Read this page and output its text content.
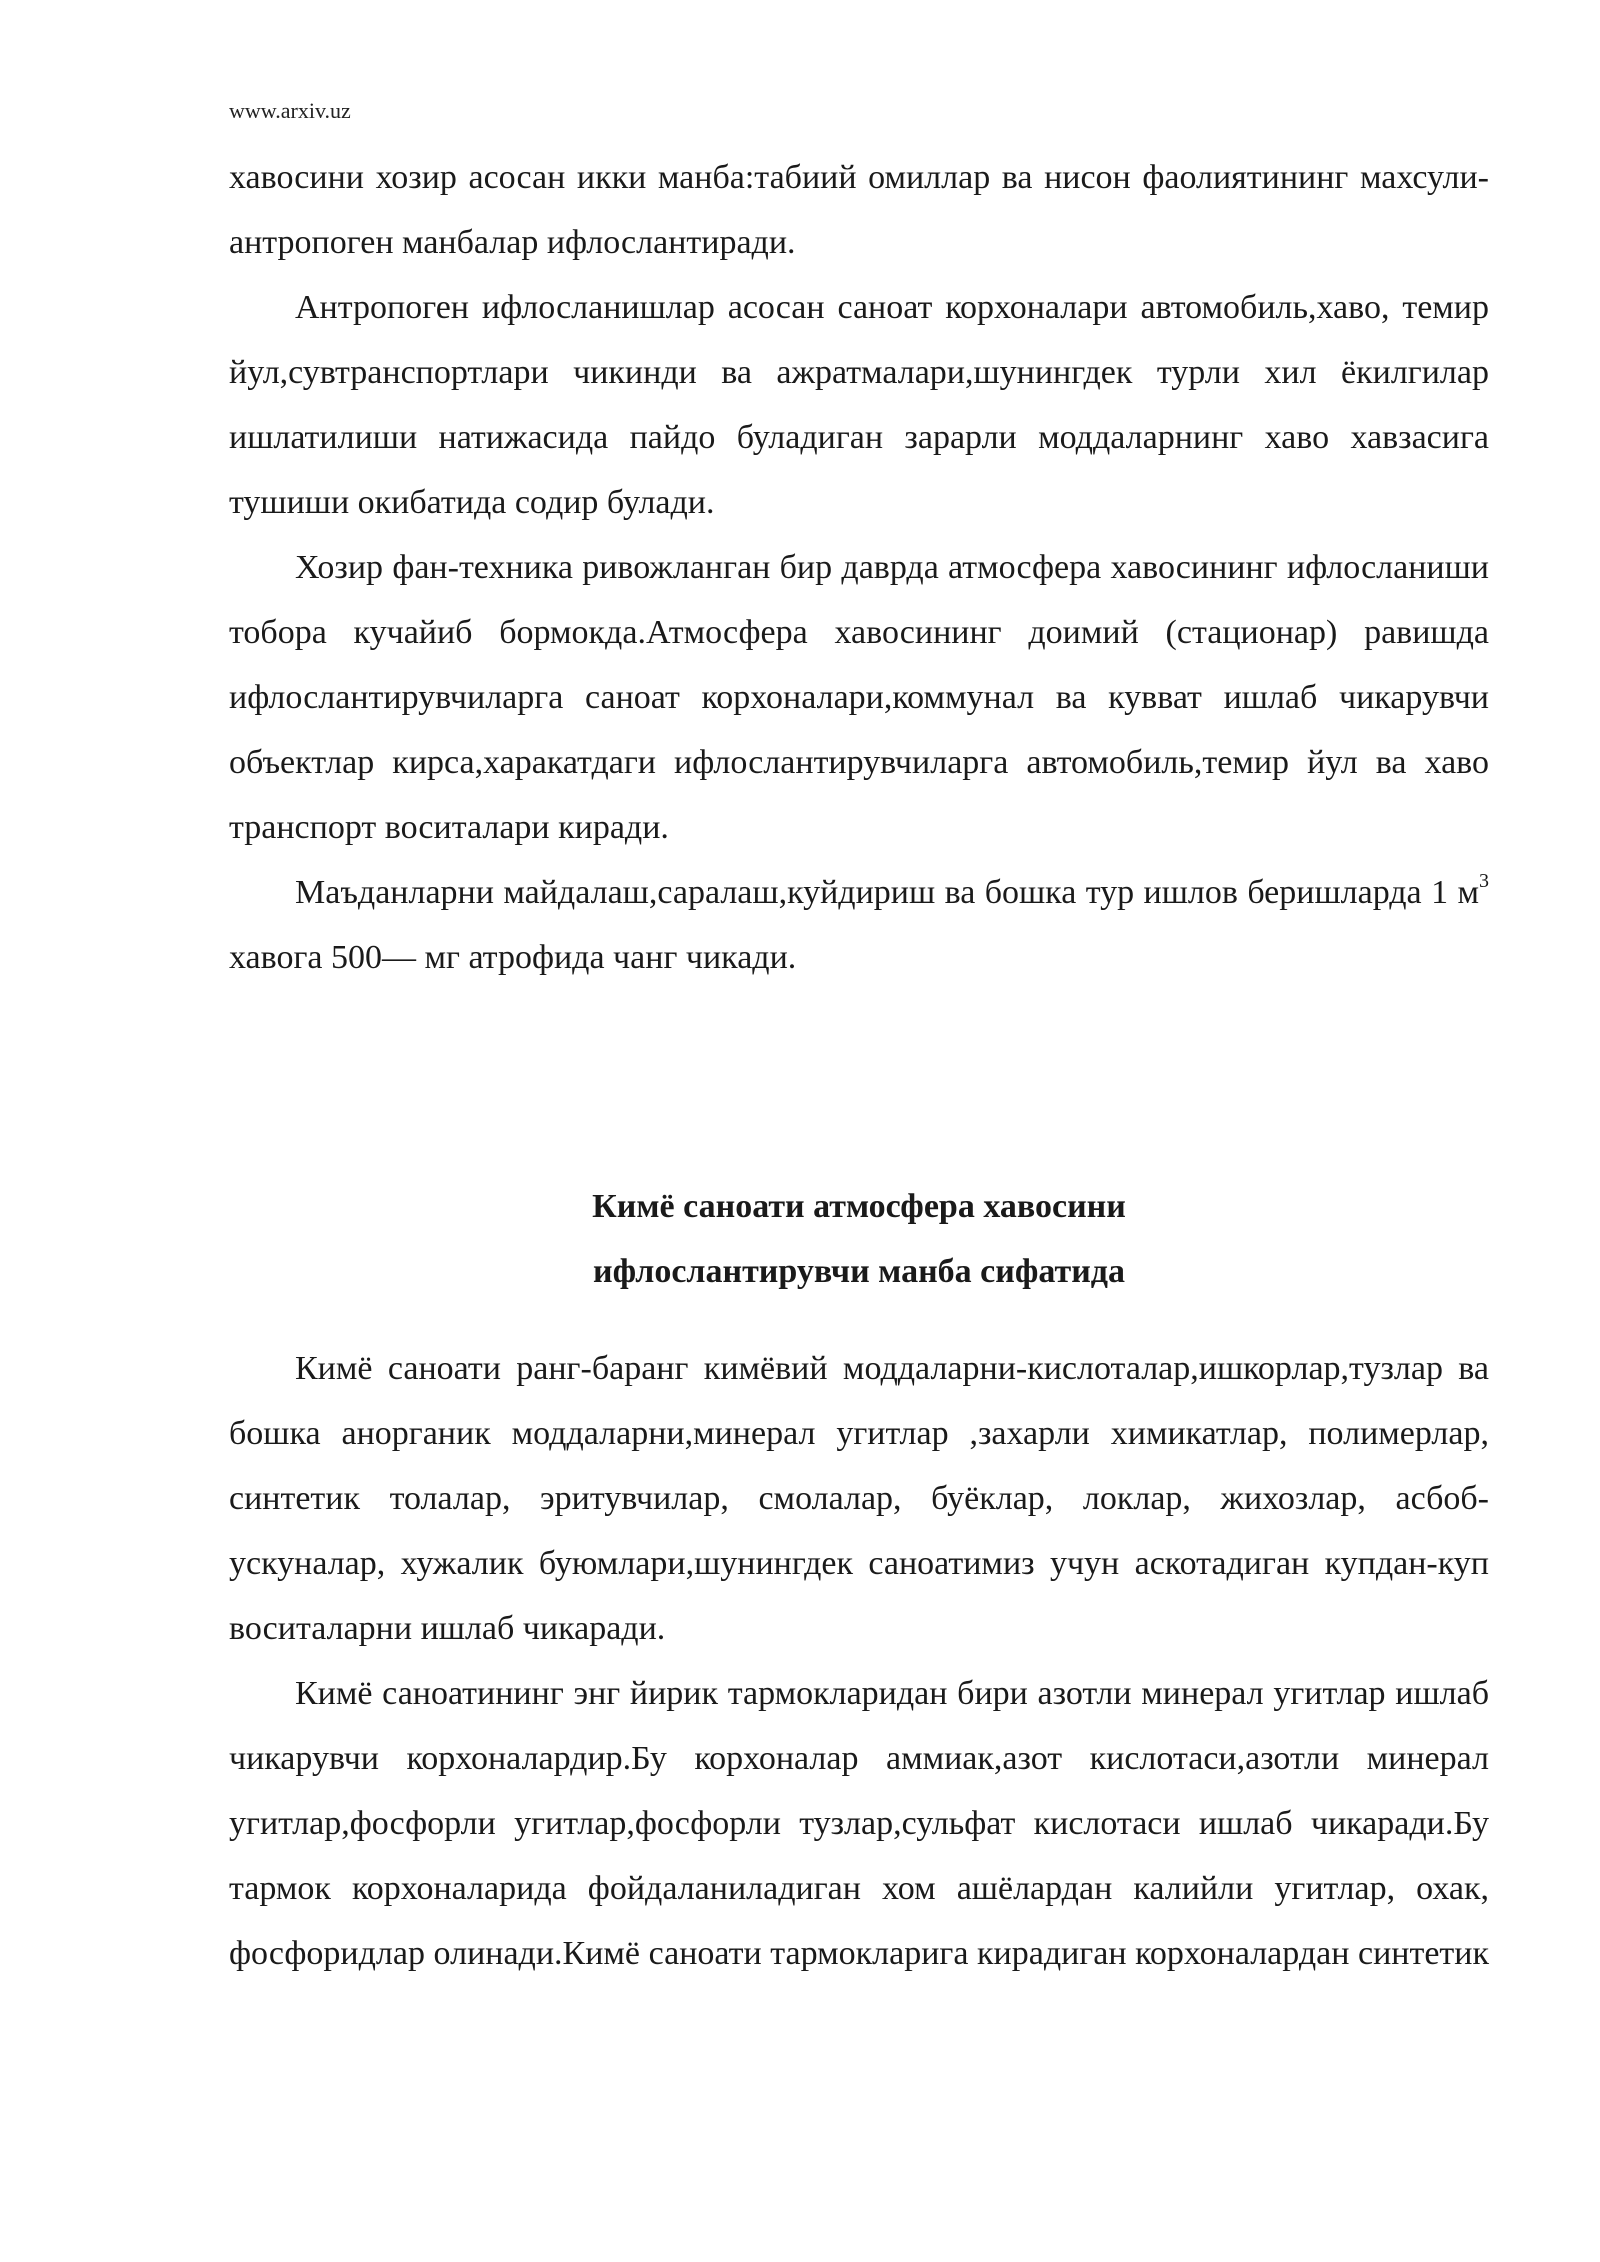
www.arxiv.uz

хавосини хозир асосан икки манба:табиий омиллар ва нисон фаолиятининг махсули-антропоген манбалар ифлослантиради.

Антропоген ифлосланишлар асосан саноат корхоналари автомобиль,хаво, темир йул,сувтранспортлари чикинди ва ажратмалари,шунингдек турли хил ёкилгилар ишлатилиши натижасида пайдо буладиган зарарли моддаларнинг хаво хавзасига тушиши окибатида содир булади.

Хозир фан-техника ривожланган бир даврда атмосфера хавосининг ифлосланиши тобора кучайиб бормокда.Атмосфера хавосининг доимий (стационар) равишда ифлослантирувчиларга саноат корхоналари,коммунал ва кувват ишлаб чикарувчи объектлар кирса,харакатдаги ифлослантирувчиларга автомобиль,темир йул ва хаво транспорт воситалари киради.

Маъданларни майдалаш,саралаш,куйдириш ва бошка тур ишлов беришларда 1 $м^3$ хавога 500— мг атрофида чанг чикади.

Кимё саноати атмосфера хавосини
ифлослантирувчи манба сифатида

Кимё саноати ранг-баранг кимёвий моддаларни-кислоталар,ишкорлар,тузлар ва бошка анорганик моддаларни,минерал угитлар ,захарли химикатлар, полимерлар, синтетик толалар, эритувчилар, смолалар, буёклар, локлар, жихозлар, асбоб-ускуналар, хужалик буюмлари,шунингдек саноатимиз учун аскотадиган купдан-куп воситаларни ишлаб чикаради.

Кимё саноатининг энг йирик тармокларидан бири азотли минерал угитлар ишлаб чикарувчи корхоналардир.Бу корхоналар аммиак,азот кислотаси,азотли минерал угитлар,фосфорли угитлар,фосфорли тузлар,сульфат кислотаси ишлаб чикаради.Бу тармок корхоналарида фойдаланиладиган хом ашёлардан калийли угитлар, охак, фосфоридлар олинади.Кимё саноати тармокларига кирадиган корхоналардан синтетик
